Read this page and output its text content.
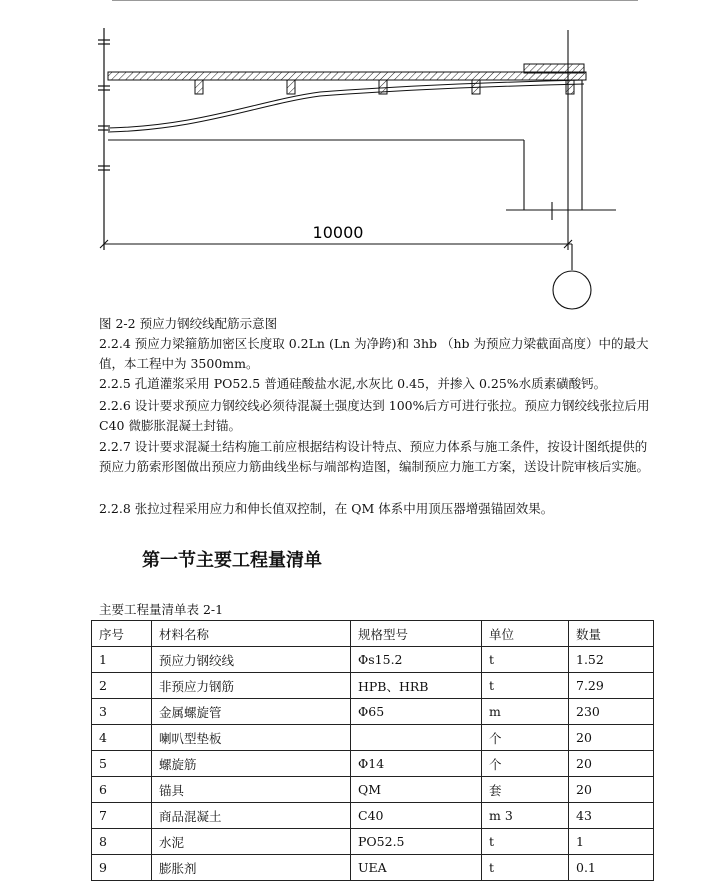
10000
图 2-2 预应力钢绞线配筋示意图
2.2.4 预应力梁箍筋加密区长度取 0.2Ln (Ln 为净跨)和 3hb （hb 为预应力梁截面高度）中的最大值，本工程中为 3500mm。
2.2.5 孔道灌浆采用 PO52.5 普通硅酸盐水泥,水灰比 0.45，并掺入 0.25%水质素磺酸钙。
2.2.6 设计要求预应力钢绞线必须待混凝土强度达到 100%后方可进行张拉。预应力钢绞线张拉后用 C40 微膨胀混凝土封锚。
2.2.7 设计要求混凝土结构施工前应根据结构设计特点、预应力体系与施工条件，按设计图纸提供的预应力筋索形图做出预应力筋曲线坐标与端部构造图，编制预应力施工方案，送设计院审核后实施。
2.2.8 张拉过程采用应力和伸长值双控制，在 QM 体系中用顶压器增强锚固效果。
第一节主要工程量清单
主要工程量清单表 2-1
序号	材料名称	规格型号	单位	数量
1	预应力钢绞线	Φs15.2	t	1.52
2	非预应力钢筋	HPB、HRB	t	7.29
3	金属螺旋管	Φ65	m	230
4	喇叭型垫板		个	20
5	螺旋筋	Φ14	个	20
6	锚具	QM	套	20
7	商品混凝土	C40	m 3	43
8	水泥	PO52.5	t	1
9	膨胀剂	UEA	t	0.1
